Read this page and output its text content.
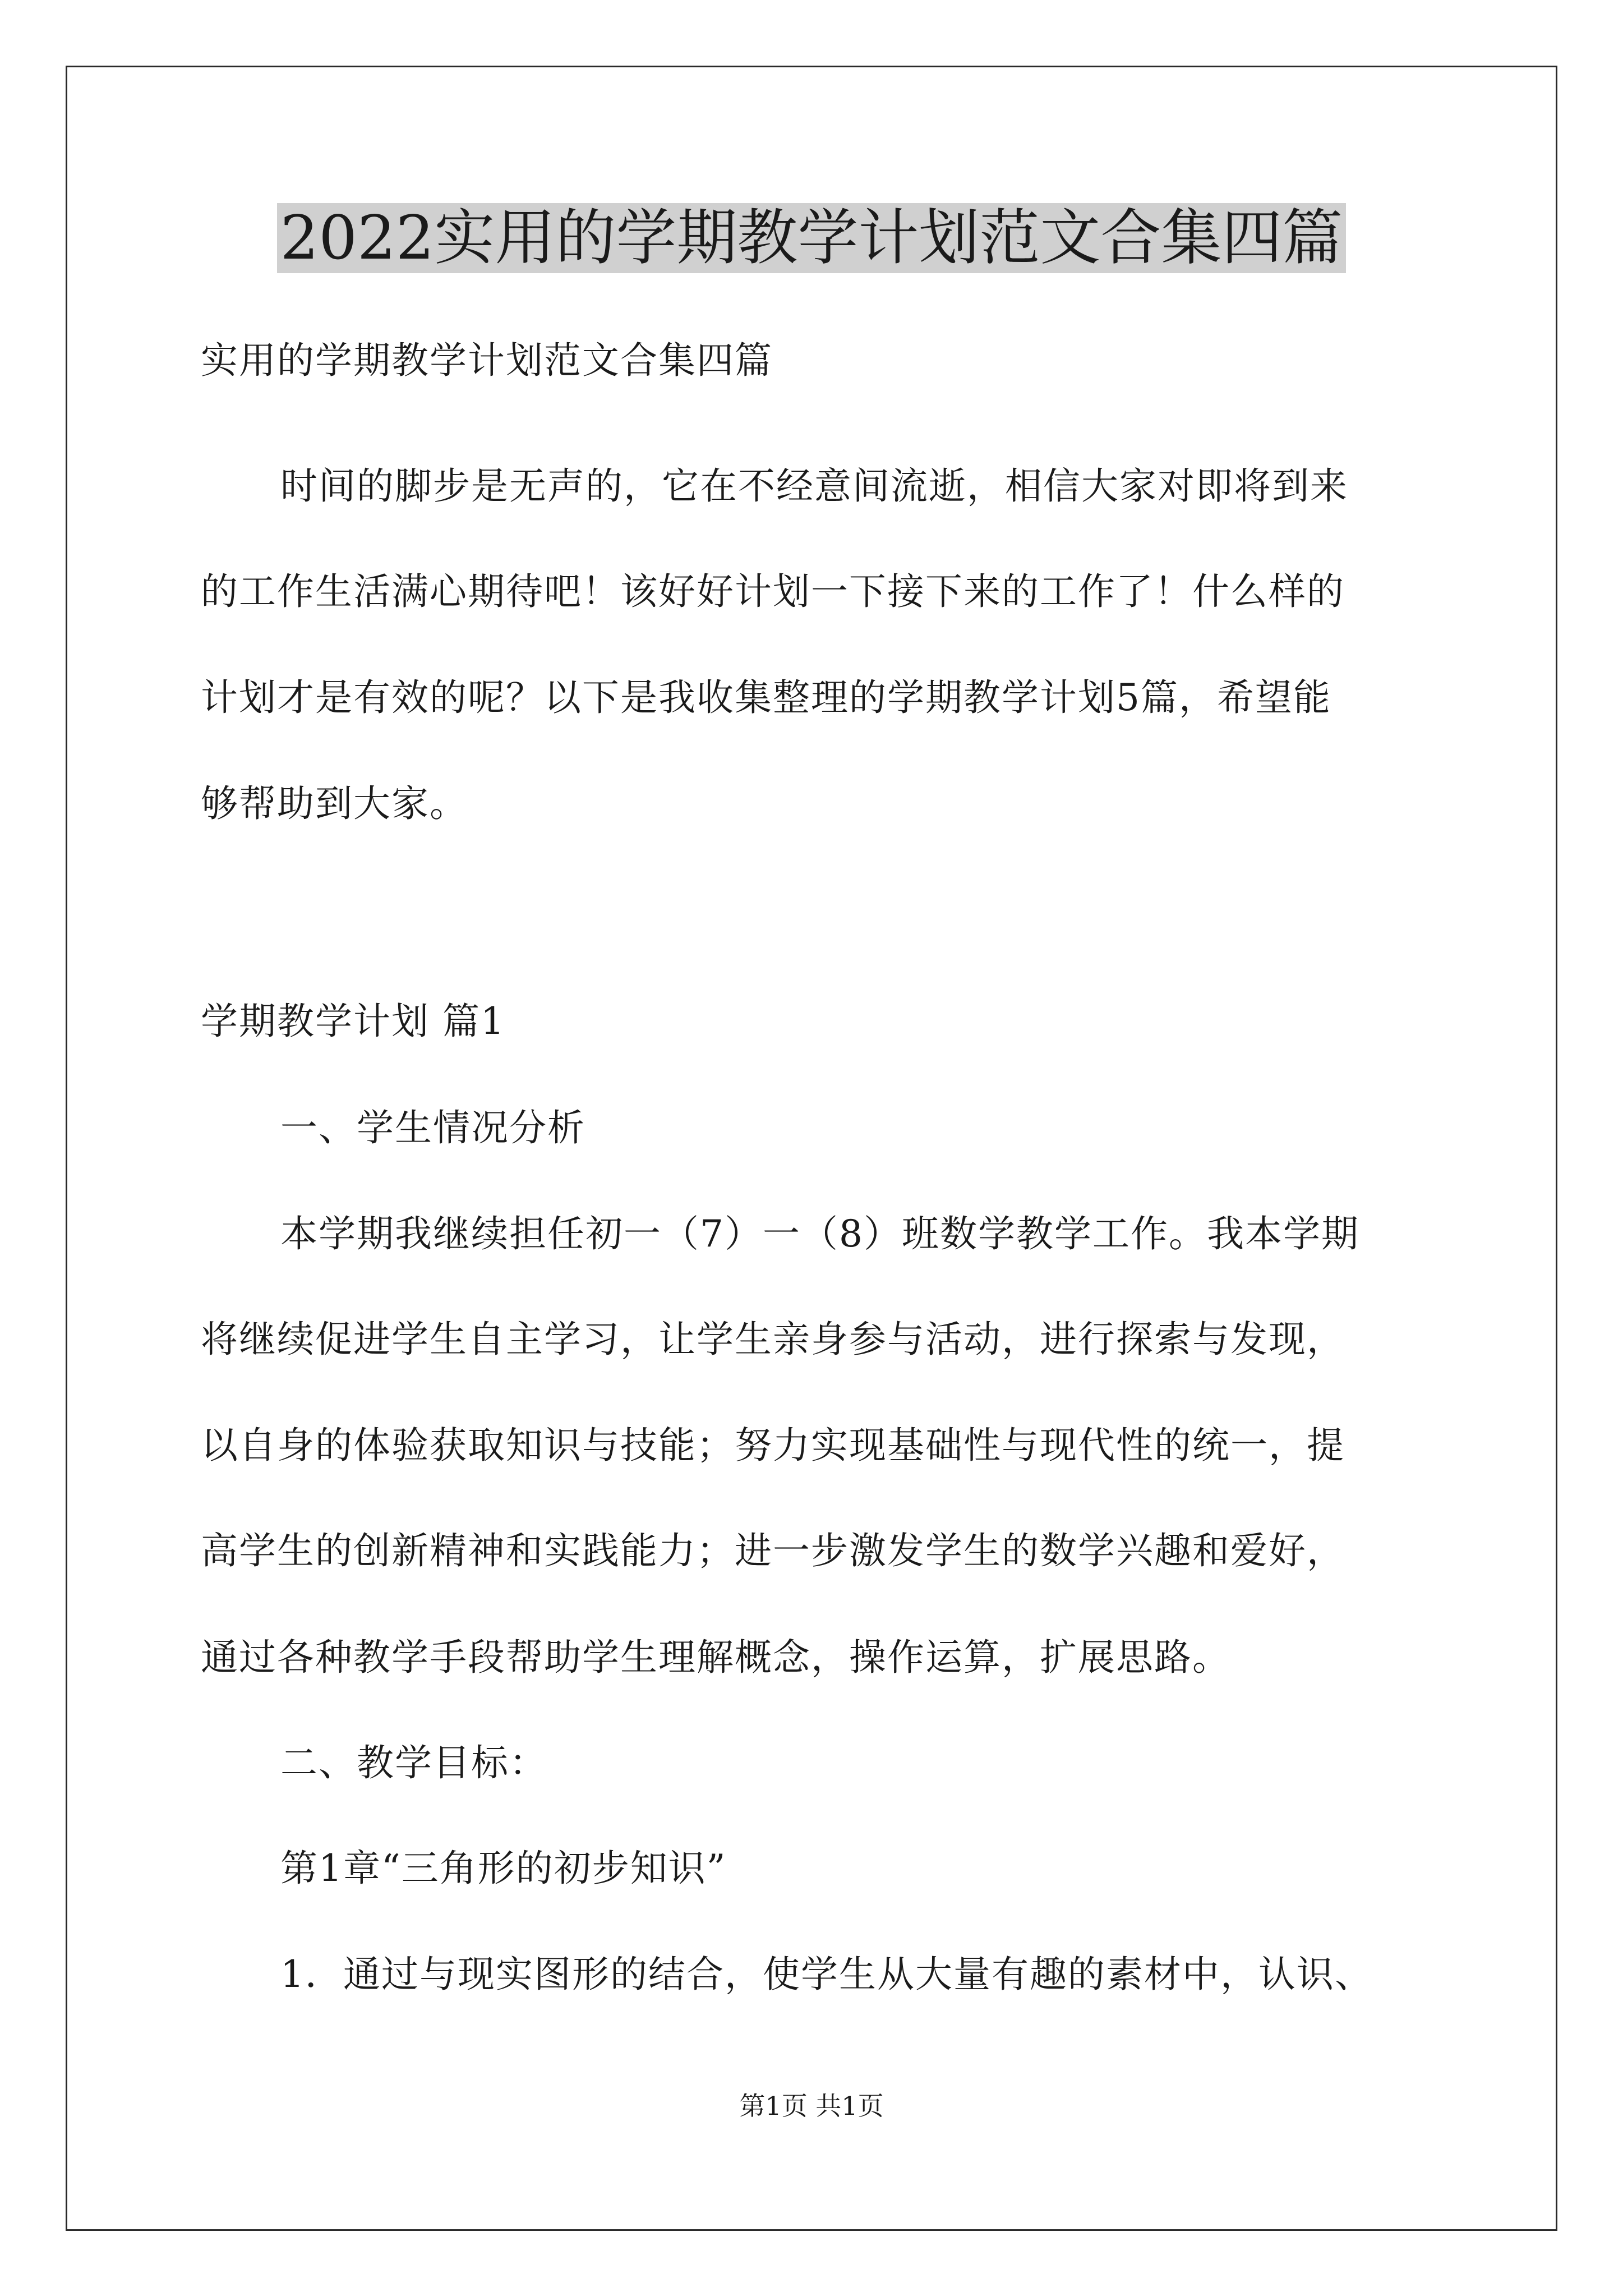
2022实用的学期教学计划范文合集四篇
实用的学期教学计划范文合集四篇
时间的脚步是无声的，它在不经意间流逝，相信大家对即将到来
的工作生活满心期待吧！该好好计划一下接下来的工作了！什么样的
计划才是有效的呢？以下是我收集整理的学期教学计划5篇，希望能
够帮助到大家。
学期教学计划 篇1
一、学生情况分析
本学期我继续担任初一（7）一（8）班数学教学工作。我本学期
将继续促进学生自主学习，让学生亲身参与活动，进行探索与发现，
以自身的体验获取知识与技能；努力实现基础性与现代性的统一，提
高学生的创新精神和实践能力；进一步激发学生的数学兴趣和爱好，
通过各种教学手段帮助学生理解概念，操作运算，扩展思路。
二、教学目标：
第1章“三角形的初步知识”
1．通过与现实图形的结合，使学生从大量有趣的素材中，认识、
第1页 共1页
